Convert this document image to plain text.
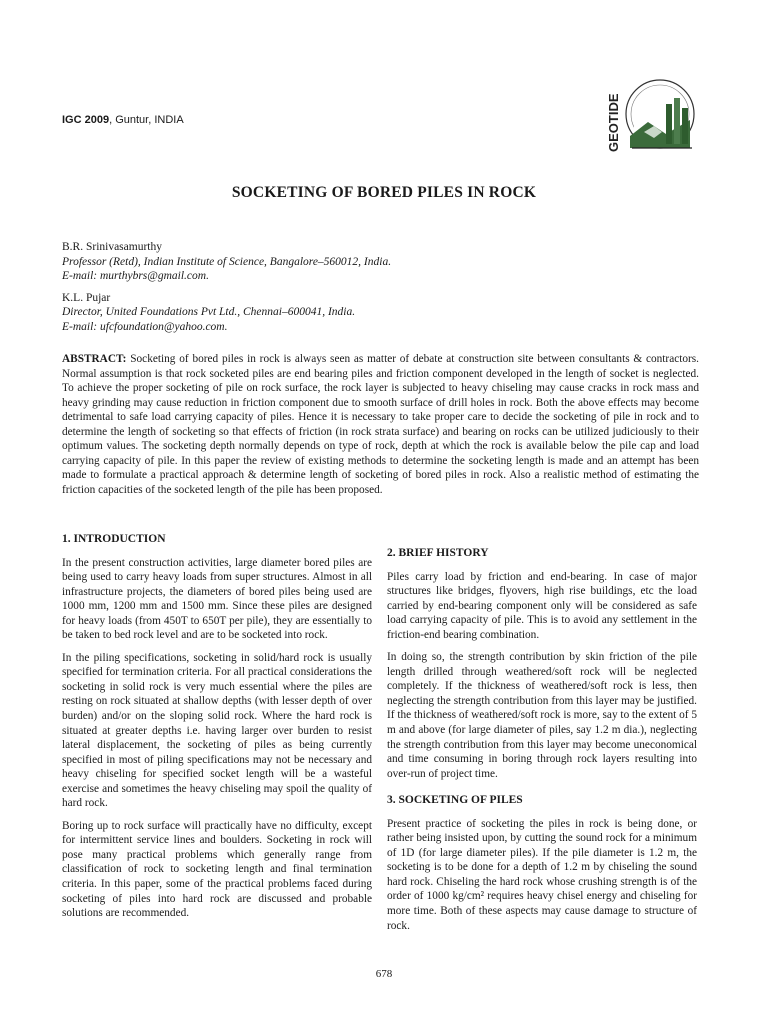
IGC 2009, Guntur, INDIA	GEOTIDE
SOCKETING OF BORED PILES IN ROCK
B.R. Srinivasamurthy
Professor (Retd), Indian Institute of Science, Bangalore–560012, India.
E-mail: murthybrs@gmail.com.
K.L. Pujar
Director, United Foundations Pvt Ltd., Chennai–600041, India.
E-mail: ufcfoundation@yahoo.com.
ABSTRACT: Socketing of bored piles in rock is always seen as matter of debate at construction site between consultants & contractors. Normal assumption is that rock socketed piles are end bearing piles and friction component developed in the length of socket is neglected. To achieve the proper socketing of pile on rock surface, the rock layer is subjected to heavy chiseling may cause cracks in rock mass and heavy grinding may cause reduction in friction component due to smooth surface of drill holes in rock. Both the above effects may become detrimental to safe load carrying capacity of piles. Hence it is necessary to take proper care to decide the socketing of pile in rock and to determine the length of socketing so that effects of friction (in rock strata surface) and bearing on rocks can be utilized judiciously to their optimum values. The socketing depth normally depends on type of rock, depth at which the rock is available below the pile cap and load carrying capacity of pile. In this paper the review of existing methods to determine the socketing length is made and an attempt has been made to formulate a practical approach & determine length of socketing of bored piles in rock. Also a realistic method of estimating the friction capacities of the socketed length of the pile has been proposed.
1. INTRODUCTION

In the present construction activities, large diameter bored piles are being used to carry heavy loads from super structures. Almost in all infrastructure projects, the diameters of bored piles being used are 1000 mm, 1200 mm and 1500 mm. Since these piles are designed for heavy loads (from 450T to 650T per pile), they are essentially to be taken to bed rock level and are to be socketed into rock.

In the piling specifications, socketing in solid/hard rock is usually specified for termination criteria. For all practical considerations the socketing in solid rock is very much essential where the piles are resting on rock situated at shallow depths (with lesser depth of over burden) and/or on the sloping solid rock. Where the hard rock is situated at greater depths i.e. having larger over burden to resist lateral displacement, the socketing of piles as being currently specified in most of piling specifications may not be necessary and heavy chiseling for specified socket length will be a wasteful exercise and sometimes the heavy chiseling may spoil the quality of hard rock.

Boring up to rock surface will practically have no difficulty, except for intermittent service lines and boulders. Socketing in rock will pose many practical problems which generally range from classification of rock to socketing length and final termination criteria. In this paper, some of the practical problems faced during socketing of piles into hard rock are discussed and probable solutions are recommended.

2. BRIEF HISTORY

Piles carry load by friction and end-bearing. In case of major structures like bridges, flyovers, high rise buildings, etc the load carried by end-bearing component only will be considered as safe load carrying capacity of pile. This is to avoid any settlement in the friction-end bearing combination.

In doing so, the strength contribution by skin friction of the pile length drilled through weathered/soft rock will be neglected completely. If the thickness of weathered/soft rock is less, then neglecting the strength contribution from this layer may be justified. If the thickness of weathered/soft rock is more, say to the extent of 5 m and above (for large diameter of piles, say 1.2 m dia.), neglecting the strength contribution from this layer may become uneconomical and time consuming in boring through rock layers resulting into over-run of project time.

3. SOCKETING OF PILES

Present practice of socketing the piles in rock is being done, or rather being insisted upon, by cutting the sound rock for a minimum of 1D (for large diameter piles). If the pile diameter is 1.2 m, the socketing is to be done for a depth of 1.2 m by chiseling the sound hard rock. Chiseling the hard rock whose crushing strength is of the order of 1000 kg/cm² requires heavy chisel energy and chiseling for more time. Both of these aspects may cause damage to structure of rock.

678
